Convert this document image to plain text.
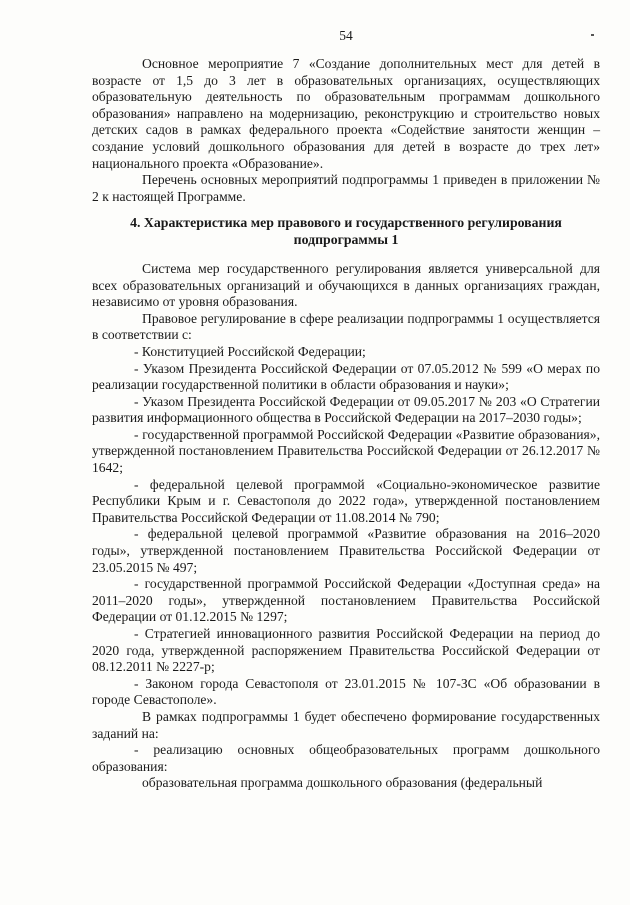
54

Основное мероприятие 7 «Создание дополнительных мест для детей в возрасте от 1,5 до 3 лет в образовательных организациях, осуществляющих образовательную деятельность по образовательным программам дошкольного образования» направлено на модернизацию, реконструкцию и строительство новых детских садов в рамках федерального проекта «Содействие занятости женщин – создание условий дошкольного образования для детей в возрасте до трех лет» национального проекта «Образование».

Перечень основных мероприятий подпрограммы 1 приведен в приложении № 2 к настоящей Программе.

4. Характеристика мер правового и государственного регулирования подпрограммы 1

Система мер государственного регулирования является универсальной для всех образовательных организаций и обучающихся в данных организациях граждан, независимо от уровня образования.

Правовое регулирование в сфере реализации подпрограммы 1 осуществляется в соответствии с:

- Конституцией Российской Федерации;

- Указом Президента Российской Федерации от 07.05.2012 № 599 «О мерах по реализации государственной политики в области образования и науки»;

- Указом Президента Российской Федерации от 09.05.2017 № 203 «О Стратегии развития информационного общества в Российской Федерации на 2017–2030 годы»;

- государственной программой Российской Федерации «Развитие образования», утвержденной постановлением Правительства Российской Федерации от 26.12.2017 № 1642;

- федеральной целевой программой «Социально-экономическое развитие Республики Крым и г. Севастополя до 2022 года», утвержденной постановлением Правительства Российской Федерации от 11.08.2014 № 790;

- федеральной целевой программой «Развитие образования на 2016–2020 годы», утвержденной постановлением Правительства Российской Федерации от 23.05.2015 № 497;

- государственной программой Российской Федерации «Доступная среда» на 2011–2020 годы», утвержденной постановлением Правительства Российской Федерации от 01.12.2015 № 1297;

- Стратегией инновационного развития Российской Федерации на период до 2020 года, утвержденной распоряжением Правительства Российской Федерации от 08.12.2011 № 2227-р;

- Законом города Севастополя от 23.01.2015 № 107-ЗС «Об образовании в городе Севастополе».

В рамках подпрограммы 1 будет обеспечено формирование государственных заданий на:

- реализацию основных общеобразовательных программ дошкольного образования:

образовательная программа дошкольного образования (федеральный
